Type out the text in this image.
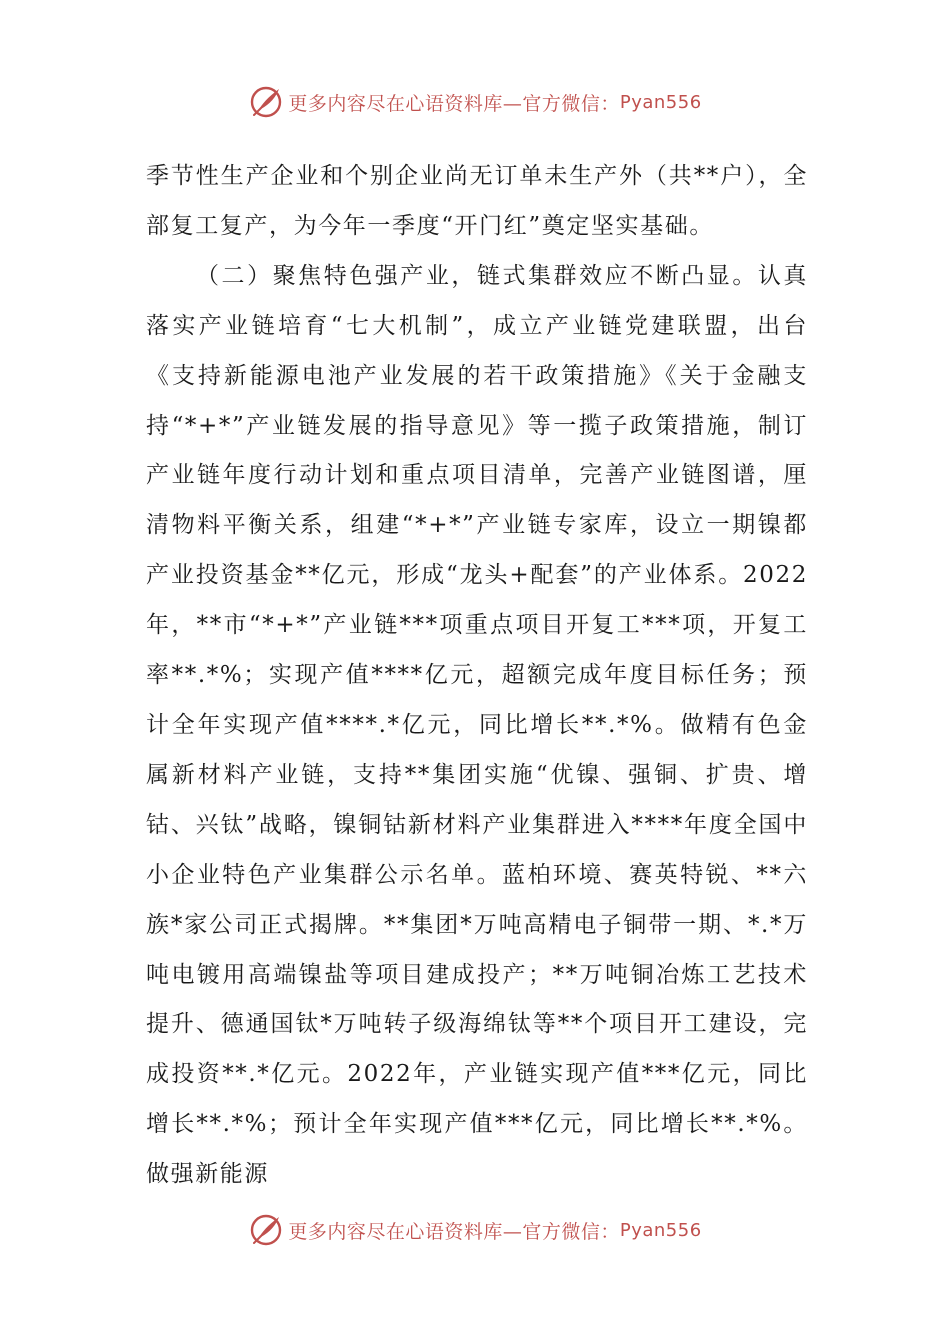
更多内容尽在心语资料库—官方微信： Pyan556

季节性生产企业和个别企业尚无订单未生产外（共**户），全部复工复产，为今年一季度“开门红”奠定坚实基础。

（二）聚焦特色强产业，链式集群效应不断凸显。认真落实产业链培育“七大机制”，成立产业链党建联盟，出台《支持新能源电池产业发展的若干政策措施》《关于金融支持“*+*”产业链发展的指导意见》等一揽子政策措施，制订产业链年度行动计划和重点项目清单，完善产业链图谱，厘清物料平衡关系，组建“*+*”产业链专家库，设立一期镍都产业投资基金**亿元，形成“龙头+配套”的产业体系。2022年，**市“*+*”产业链***项重点项目开复工***项，开复工率**.*%；实现产值****亿元，超额完成年度目标任务；预计全年实现产值****.*亿元，同比增长**.*%。做精有色金属新材料产业链，支持**集团实施“优镍、强铜、扩贵、增钴、兴钛”战略，镍铜钴新材料产业集群进入****年度全国中小企业特色产业集群公示名单。蓝柏环境、赛英特锐、**六族*家公司正式揭牌。**集团*万吨高精电子铜带一期、*.*万吨电镀用高端镍盐等项目建成投产；**万吨铜冶炼工艺技术提升、德通国钛*万吨转子级海绵钛等**个项目开工建设，完成投资**.*亿元。2022年，产业链实现产值***亿元，同比增长**.*%；预计全年实现产值***亿元，同比增长**.*%。做强新能源

更多内容尽在心语资料库—官方微信： Pyan556
